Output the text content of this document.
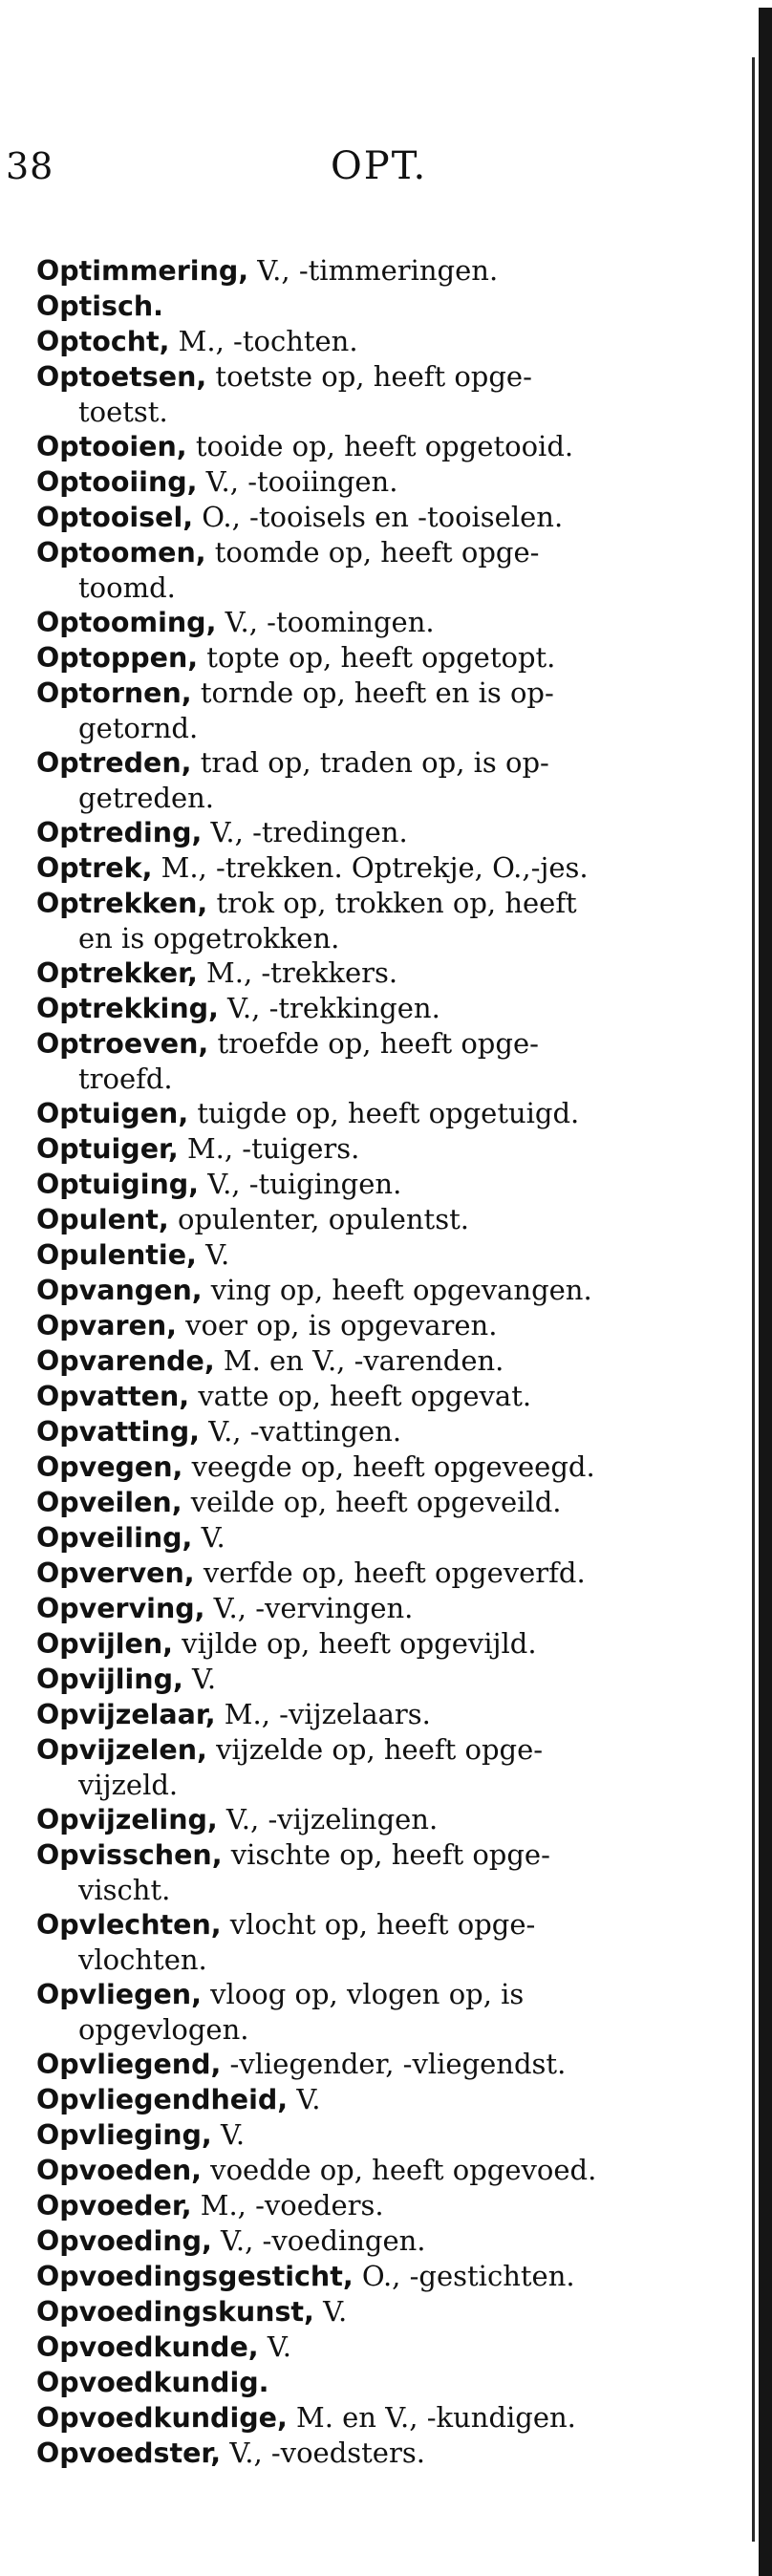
38	OPT.

Optimmering, V., -timmeringen.

Optisch.

Optocht, M., -tochten.

Optoetsen, toetste op, heeft opge-
toetst.

Optooien, tooide op, heeft opgetooid.

Optooiing, V., -tooiingen.

Optooisel, O., -tooisels en -tooiselen.

Optoomen, toomde op, heeft opge-
toomd.

Optooming, V., -toomingen.

Optoppen, topte op, heeft opgetopt.

Optornen, tornde op, heeft en is op-
getornd.

Optreden, trad op, traden op, is op-
getreden.

Optreding, V., -tredingen.

Optrek, M., -trekken. Optrekje, O.,-jes.

Optrekken, trok op, trokken op, heeft
en is opgetrokken.

Optrekker, M., -trekkers.

Optrekking, V., -trekkingen.

Optroeven, troefde op, heeft opge-
troefd.

Optuigen, tuigde op, heeft opgetuigd.

Optuiger, M., -tuigers.

Optuiging, V., -tuigingen.

Opulent, opulenter, opulentst.

Opulentie, V.

Opvangen, ving op, heeft opgevangen.

Opvaren, voer op, is opgevaren.

Opvarende, M. en V., -varenden.

Opvatten, vatte op, heeft opgevat.

Opvatting, V., -vattingen.

Opvegen, veegde op, heeft opgeveegd.

Opveilen, veilde op, heeft opgeveild.

Opveiling, V.

Opverven, verfde op, heeft opgeverfd.

Opverving, V., -vervingen.

Opvijlen, vijlde op, heeft opgevijld.

Opvijling, V.

Opvijzelaar, M., -vijzelaars.

Opvijzelen, vijzelde op, heeft opge-
vijzeld.

Opvijzeling, V., -vijzelingen.

Opvisschen, vischte op, heeft opge-
vischt.

Opvlechten, vlocht op, heeft opge-
vlochten.

Opvliegen, vloog op, vlogen op, is
opgevlogen.

Opvliegend, -vliegender, -vliegendst.

Opvliegendheid, V.

Opvlieging, V.

Opvoeden, voedde op, heeft opgevoed.

Opvoeder, M., -voeders.

Opvoeding, V., -voedingen.

Opvoedingsgesticht, O., -gestichten.

Opvoedingskunst, V.

Opvoedkunde, V.

Opvoedkundig.

Opvoedkundige, M. en V., -kundigen.

Opvoedster, V., -voedsters.
